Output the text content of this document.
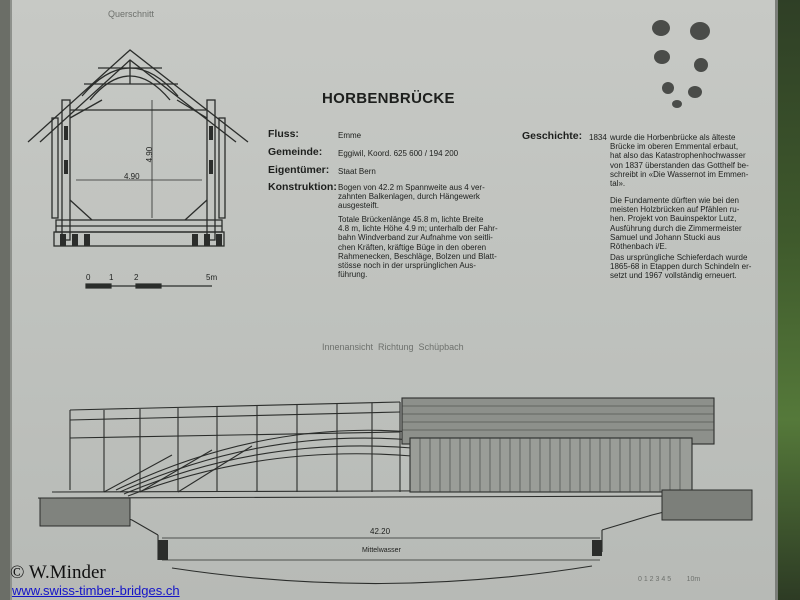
Querschnitt
4.90
4.90
0 1	2	5m
HORBENBRÜCKE
Fluss:	Emme
Gemeinde: Eggiwil, Koord. 625 600 / 194 200
Eigentümer: Staat Bern
Konstruktion: Bogen von 42.2 m Spannweite aus 4 ver-
zahnten Balkenlagen, durch Hängewerk
ausgesteift.
Totale Brückenlänge 45.8 m, lichte Breite
4.8 m, lichte Höhe 4.9 m; unterhalb der Fahr-
bahn Windverband zur Aufnahme von seitli-
chen Kräften, kräftige Büge in den oberen
Rahmenecken, Beschläge, Bolzen und Blatt-
stösse noch in der ursprünglichen Aus-
führung.
Geschichte: 1834 wurde die Horbenbrücke als älteste
Brücke im oberen Emmental erbaut,
hat also das Katastrophenhochwasser
von 1837 überstanden das Gotthelf be-
schreibt in «Die Wassernot im Emmen-
tal».
Die Fundamente dürften wie bei den
meisten Holzbrücken auf Pfählen ru-
hen. Projekt von Bauinspektor Lutz,
Ausführung durch die Zimmermeister
Samuel und Johann Stucki aus
Röthenbach i/E.
Das ursprüngliche Schieferdach wurde
1865-68 in Etappen durch Schindeln er-
setzt und 1967 vollständig erneuert.
Innenansicht  Richtung  Schüpbach
42.20
Mittelwasser
0 1 2 3 4 5        10m
© W.Minder
www.swiss-timber-bridges.ch
